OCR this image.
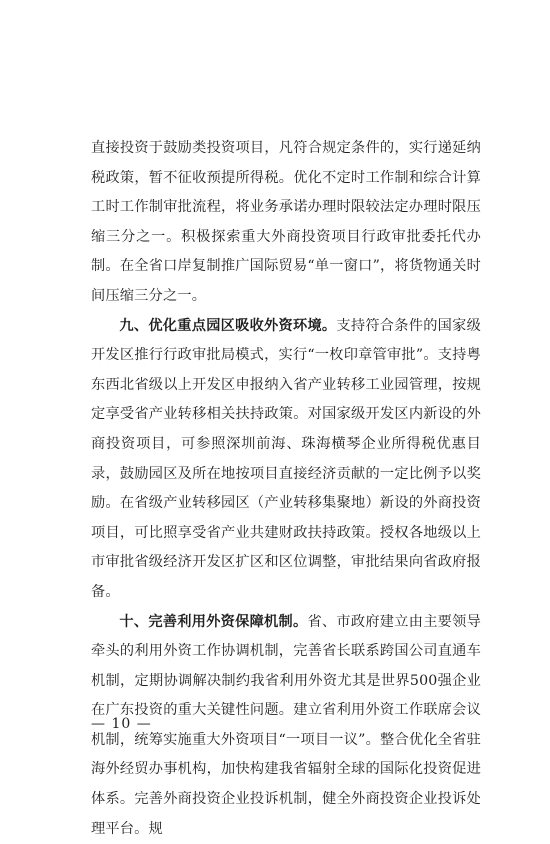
直接投资于鼓励类投资项目，凡符合规定条件的，实行递延纳税政策，暂不征收预提所得税。优化不定时工作制和综合计算工时工作制审批流程，将业务承诺办理时限较法定办理时限压缩三分之一。积极探索重大外商投资项目行政审批委托代办制。在全省口岸复制推广国际贸易“单一窗口”，将货物通关时间压缩三分之一。

九、优化重点园区吸收外资环境。支持符合条件的国家级开发区推行行政审批局模式，实行“一枚印章管审批”。支持粤东西北省级以上开发区申报纳入省产业转移工业园管理，按规定享受省产业转移相关扶持政策。对国家级开发区内新设的外商投资项目，可参照深圳前海、珠海横琴企业所得税优惠目录，鼓励园区及所在地按项目直接经济贡献的一定比例予以奖励。在省级产业转移园区（产业转移集聚地）新设的外商投资项目，可比照享受省产业共建财政扶持政策。授权各地级以上市审批省级经济开发区扩区和区位调整，审批结果向省政府报备。

十、完善利用外资保障机制。省、市政府建立由主要领导牵头的利用外资工作协调机制，完善省长联系跨国公司直通车机制，定期协调解决制约我省利用外资尤其是世界500强企业在广东投资的重大关键性问题。建立省利用外资工作联席会议机制，统筹实施重大外资项目“一项目一议”。整合优化全省驻海外经贸办事机构，加快构建我省辐射全球的国际化投资促进体系。完善外商投资企业投诉机制，健全外商投资企业投诉处理平台。规

— 10 —
